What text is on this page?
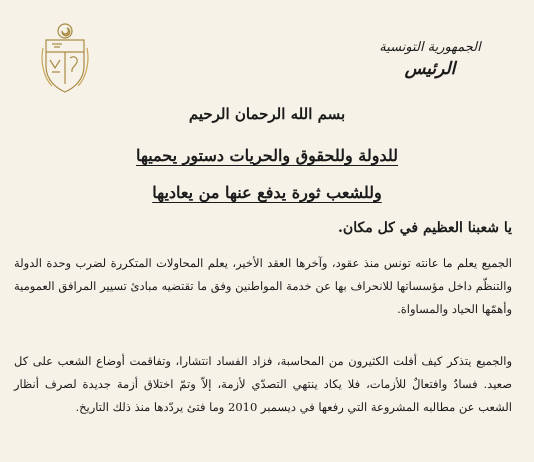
الجمهورية التونسية
الرئيس
بسم الله الرحمان الرحيم
للدولة وللحقوق والحريات دستور يحميها
وللشعب ثورة يدفع عنها من يعاديها
يا شعبنا العظيم في كل مكان.
الجميع يعلم ما عانته تونس منذ عقود، وآخرها العقد الأخير، يعلم المحاولات المتكررة لضرب وحدة الدولة والتنظّم داخل مؤسساتها للانحراف بها عن خدمة المواطنين وفق ما تقتضيه مبادئ تسيير المرافق العمومية وأهمّها الحياد والمساواة.
والجميع يتذكر كيف أفلت الكثيرون من المحاسبة، فزاد الفساد انتشارا، وتفاقمت أوضاع الشعب على كل صعيد. فسادٌ وافتعالٌ للأزمات، فلا يكاد ينتهي التصدّي لأزمة، إلاّ وتمّ اختلاق أزمة جديدة لصرف أنظار الشعب عن مطالبه المشروعة التي رفعها في ديسمبر 2010 وما فتئ يردّدها منذ ذلك التاريخ.
